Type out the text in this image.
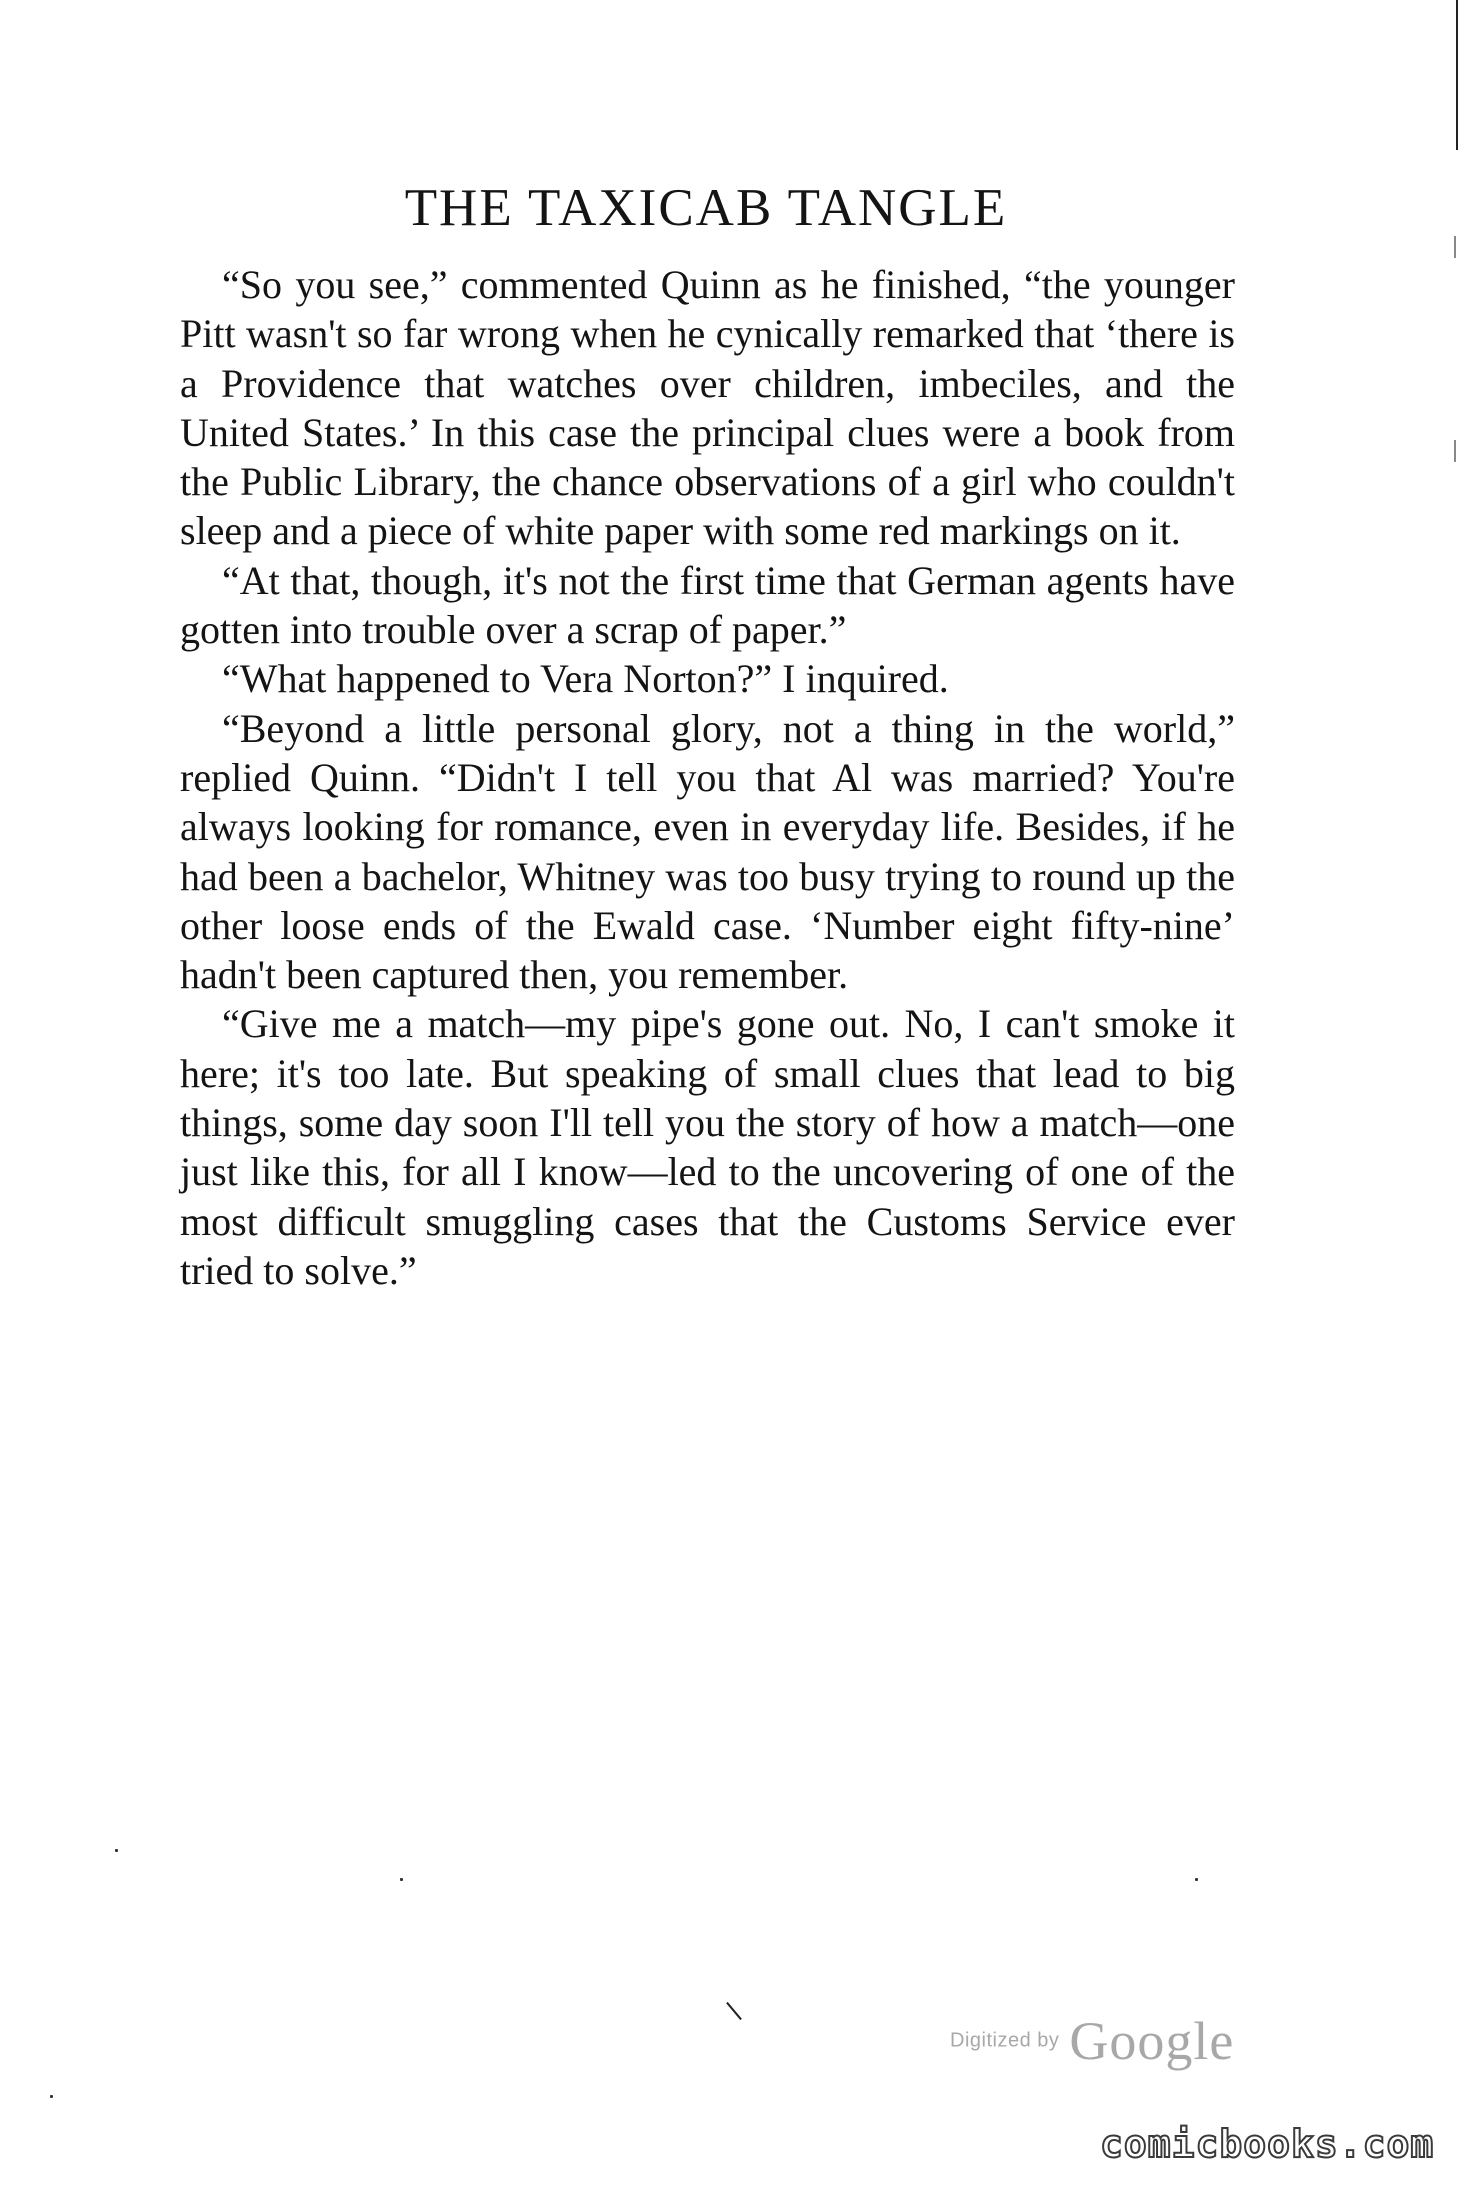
THE TAXICAB TANGLE

“So you see,” commented Quinn as he finished, “the younger Pitt wasn't so far wrong when he cynically remarked that ‘there is a Providence that watches over children, imbeciles, and the United States.’ In this case the principal clues were a book from the Public Library, the chance observations of a girl who couldn't sleep and a piece of white paper with some red markings on it.

“At that, though, it's not the first time that German agents have gotten into trouble over a scrap of paper.”

“What happened to Vera Norton?” I inquired.

“Beyond a little personal glory, not a thing in the world,” replied Quinn. “Didn't I tell you that Al was married? You're always looking for romance, even in everyday life. Besides, if he had been a bachelor, Whitney was too busy trying to round up the other loose ends of the Ewald case. ‘Number eight fifty-nine’ hadn't been captured then, you remember.

“Give me a match—my pipe's gone out. No, I can't smoke it here; it's too late. But speaking of small clues that lead to big things, some day soon I'll tell you the story of how a match—one just like this, for all I know—led to the uncovering of one of the most difficult smuggling cases that the Customs Service ever tried to solve.”

Digitized by Google
comicbooks.com
